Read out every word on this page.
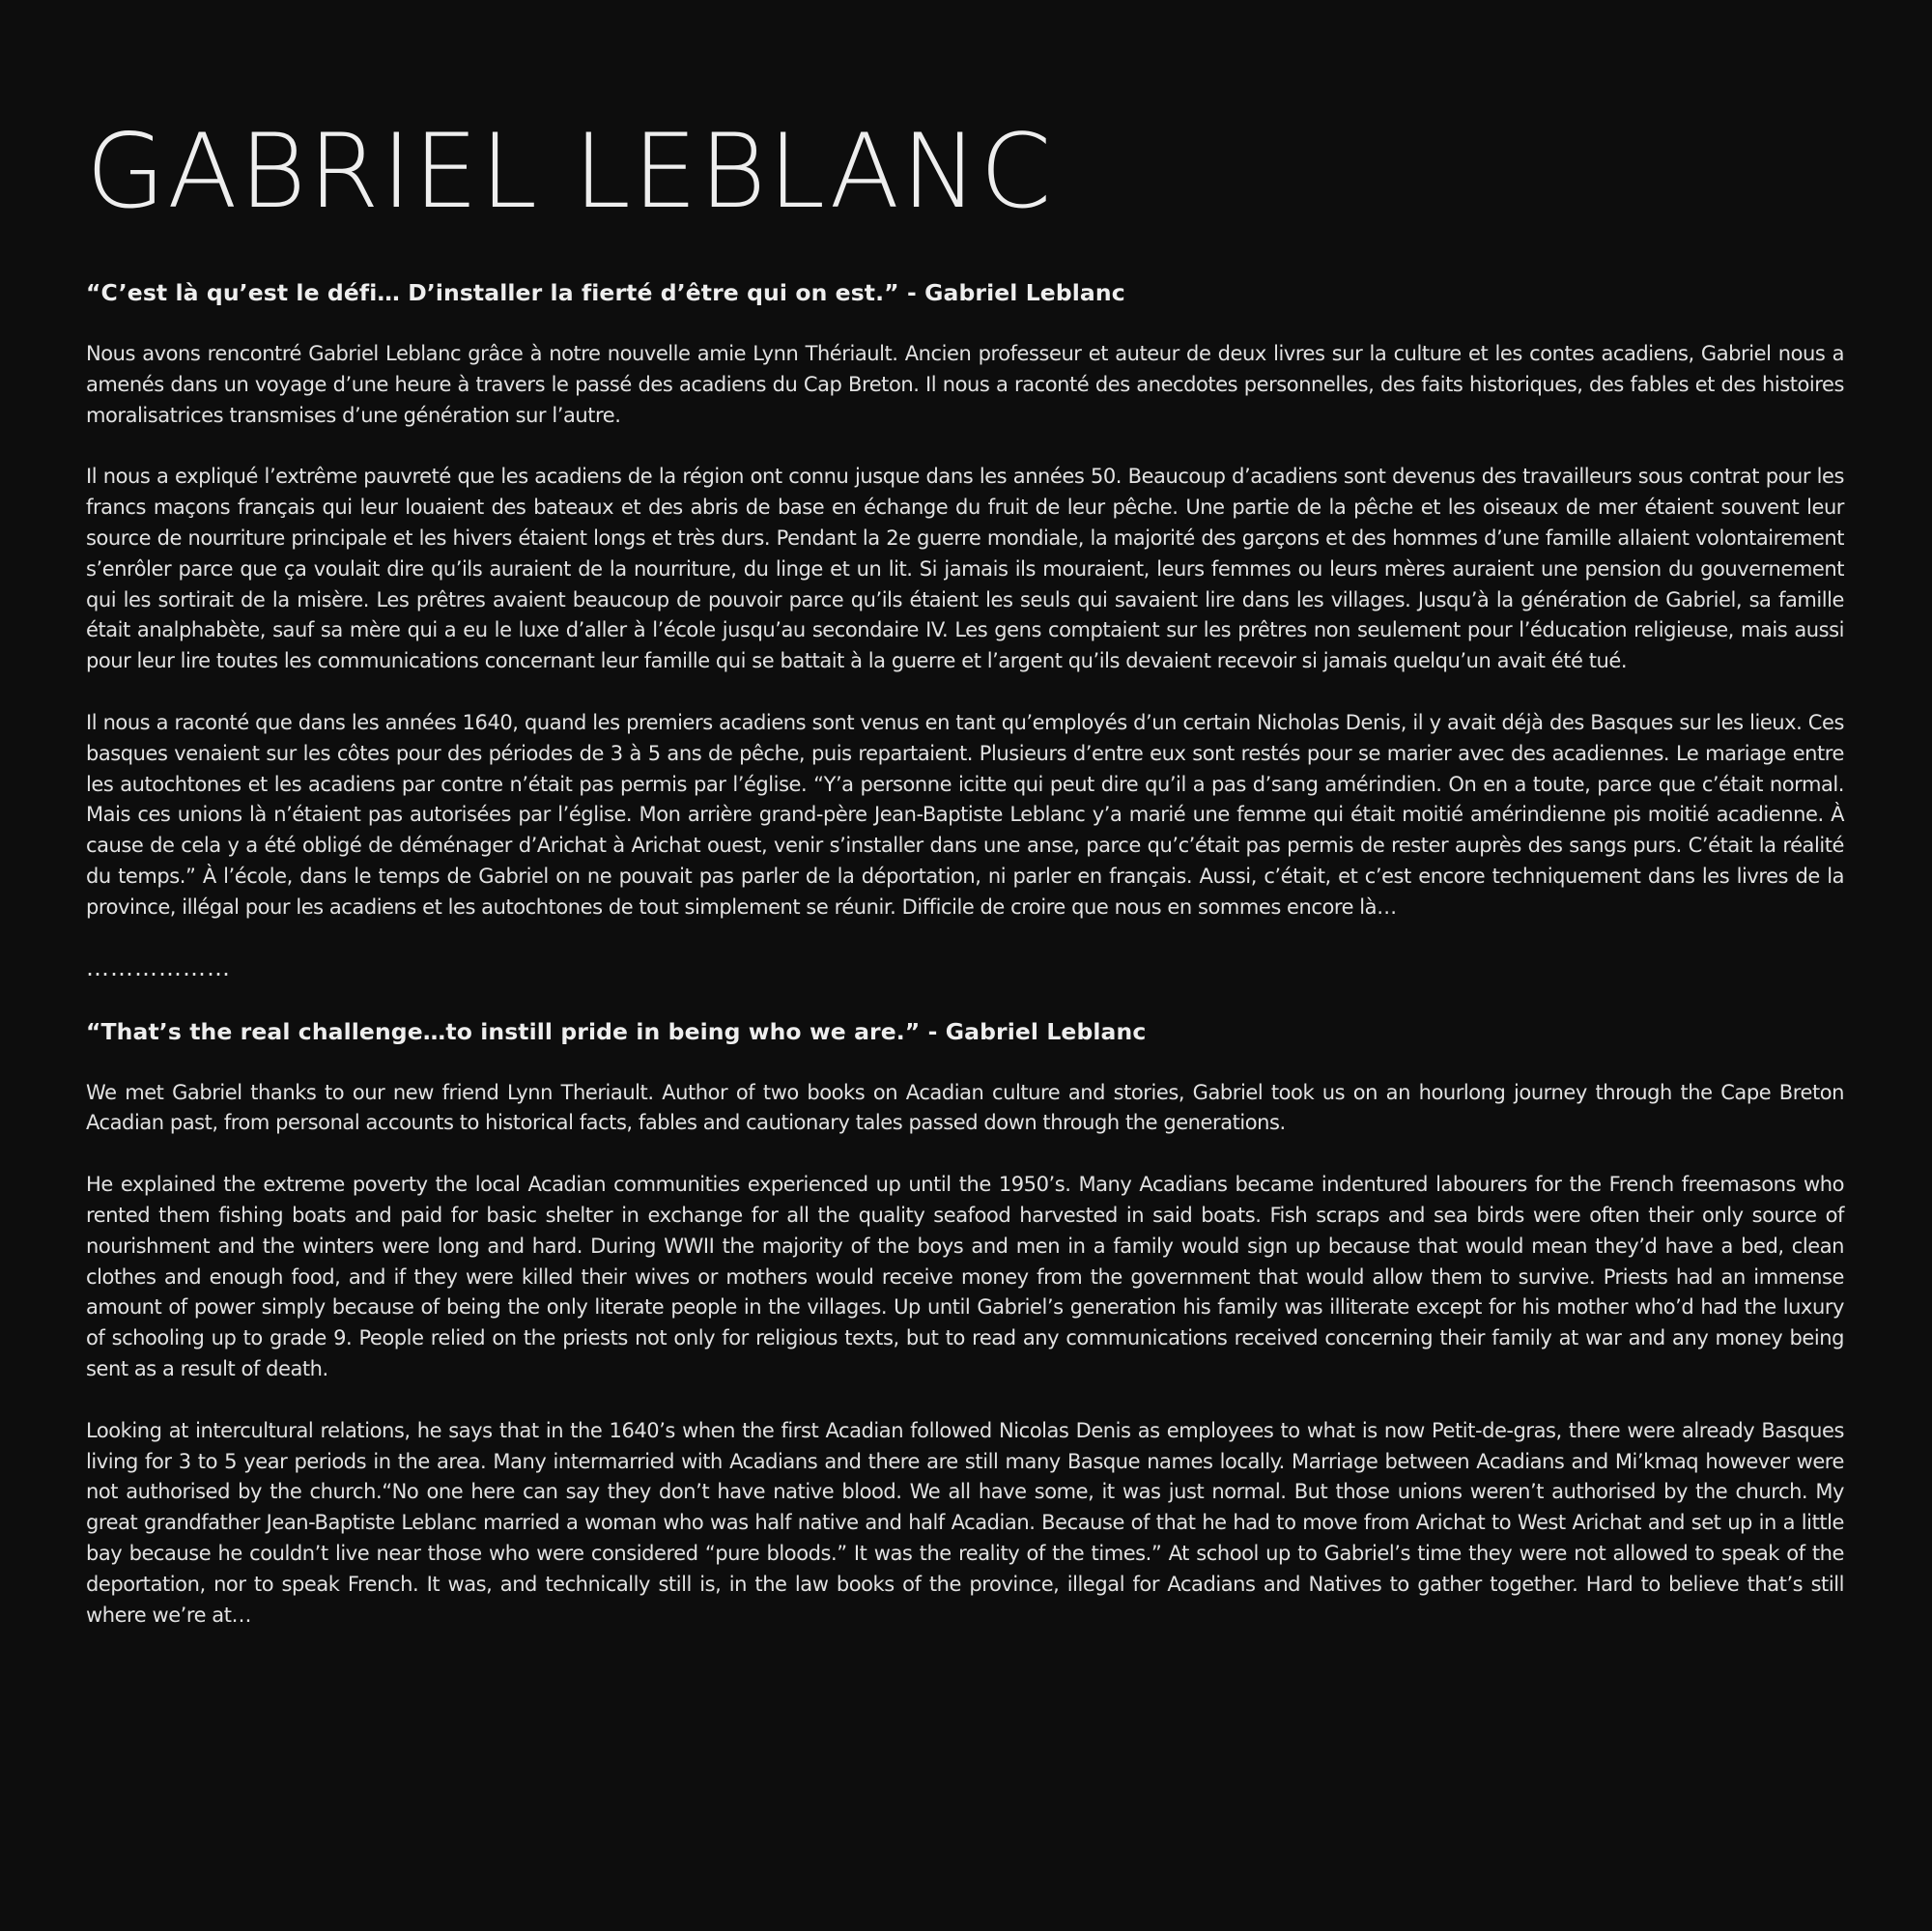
GABRIEL LEBLANC

“C’est là qu’est le défi… D’installer la fierté d’être qui on est.” - Gabriel Leblanc

Nous avons rencontré Gabriel Leblanc grâce à notre nouvelle amie Lynn Thériault. Ancien professeur et auteur de deux livres sur la culture et les contes acadiens, Gabriel nous a amenés dans un voyage d’une heure à travers le passé des acadiens du Cap Breton. Il nous a raconté des anecdotes personnelles, des faits historiques, des fables et des histoires moralisatrices transmises d’une génération sur l’autre.

Il nous a expliqué l’extrême pauvreté que les acadiens de la région ont connu jusque dans les années 50. Beaucoup d’acadiens sont devenus des travailleurs sous contrat pour les francs maçons français qui leur louaient des bateaux et des abris de base en échange du fruit de leur pêche. Une partie de la pêche et les oiseaux de mer étaient souvent leur source de nourriture principale et les hivers étaient longs et très durs. Pendant la 2e guerre mondiale, la majorité des garçons et des hommes d’une famille allaient volontairement s’enrôler parce que ça voulait dire qu’ils auraient de la nourriture, du linge et un lit. Si jamais ils mouraient, leurs femmes ou leurs mères auraient une pension du gouvernement qui les sortirait de la misère. Les prêtres avaient beaucoup de pouvoir parce qu’ils étaient les seuls qui savaient lire dans les villages. Jusqu’à la génération de Gabriel, sa famille était analphabète, sauf sa mère qui a eu le luxe d’aller à l’école jusqu’au secondaire IV. Les gens comptaient sur les prêtres non seulement pour l’éducation religieuse, mais aussi pour leur lire toutes les communications concernant leur famille qui se battait à la guerre et l’argent qu’ils devaient recevoir si jamais quelqu’un avait été tué.

Il nous a raconté que dans les années 1640, quand les premiers acadiens sont venus en tant qu’employés d’un certain Nicholas Denis, il y avait déjà des Basques sur les lieux. Ces basques venaient sur les côtes pour des périodes de 3 à 5 ans de pêche, puis repartaient. Plusieurs d’entre eux sont restés pour se marier avec des acadiennes. Le mariage entre les autochtones et les acadiens par contre n’était pas permis par l’église. “Y’a personne icitte qui peut dire qu’il a pas d’sang amérindien. On en a toute, parce que c’était normal. Mais ces unions là n’étaient pas autorisées par l’église. Mon arrière grand-père Jean-Baptiste Leblanc y’a marié une femme qui était moitié amérindienne pis moitié acadienne. À cause de cela y a été obligé de déménager d’Arichat à Arichat ouest, venir s’installer dans une anse, parce qu’c’était pas permis de rester auprès des sangs purs. C’était la réalité du temps.” À l’école, dans le temps de Gabriel on ne pouvait pas parler de la déportation, ni parler en français. Aussi, c’était, et c’est encore techniquement dans les livres de la province, illégal pour les acadiens et les autochtones de tout simplement se réunir. Difficile de croire que nous en sommes encore là…

………………

“That’s the real challenge…to instill pride in being who we are.” - Gabriel Leblanc

We met Gabriel thanks to our new friend Lynn Theriault. Author of two books on Acadian culture and stories, Gabriel took us on an hourlong journey through the Cape Breton Acadian past, from personal accounts to historical facts, fables and cautionary tales passed down through the generations.

He explained the extreme poverty the local Acadian communities experienced up until the 1950’s. Many Acadians became indentured labourers for the French freemasons who rented them fishing boats and paid for basic shelter in exchange for all the quality seafood harvested in said boats. Fish scraps and sea birds were often their only source of nourishment and the winters were long and hard. During WWII the majority of the boys and men in a family would sign up because that would mean they’d have a bed, clean clothes and enough food, and if they were killed their wives or mothers would receive money from the government that would allow them to survive. Priests had an immense amount of power simply because of being the only literate people in the villages. Up until Gabriel’s generation his family was illiterate except for his mother who’d had the luxury of schooling up to grade 9. People relied on the priests not only for religious texts, but to read any communications received concerning their family at war and any money being sent as a result of death.

Looking at intercultural relations, he says that in the 1640’s when the first Acadian followed Nicolas Denis as employees to what is now Petit-de-gras, there were already Basques living for 3 to 5 year periods in the area. Many intermarried with Acadians and there are still many Basque names locally. Marriage between Acadians and Mi’kmaq however were not authorised by the church.“No one here can say they don’t have native blood. We all have some, it was just normal. But those unions weren’t authorised by the church. My great grandfather Jean-Baptiste Leblanc married a woman who was half native and half Acadian. Because of that he had to move from Arichat to West Arichat and set up in a little bay because he couldn’t live near those who were considered “pure bloods.” It was the reality of the times.” At school up to Gabriel’s time they were not allowed to speak of the deportation, nor to speak French. It was, and technically still is, in the law books of the province, illegal for Acadians and Natives to gather together. Hard to believe that’s still where we’re at…
